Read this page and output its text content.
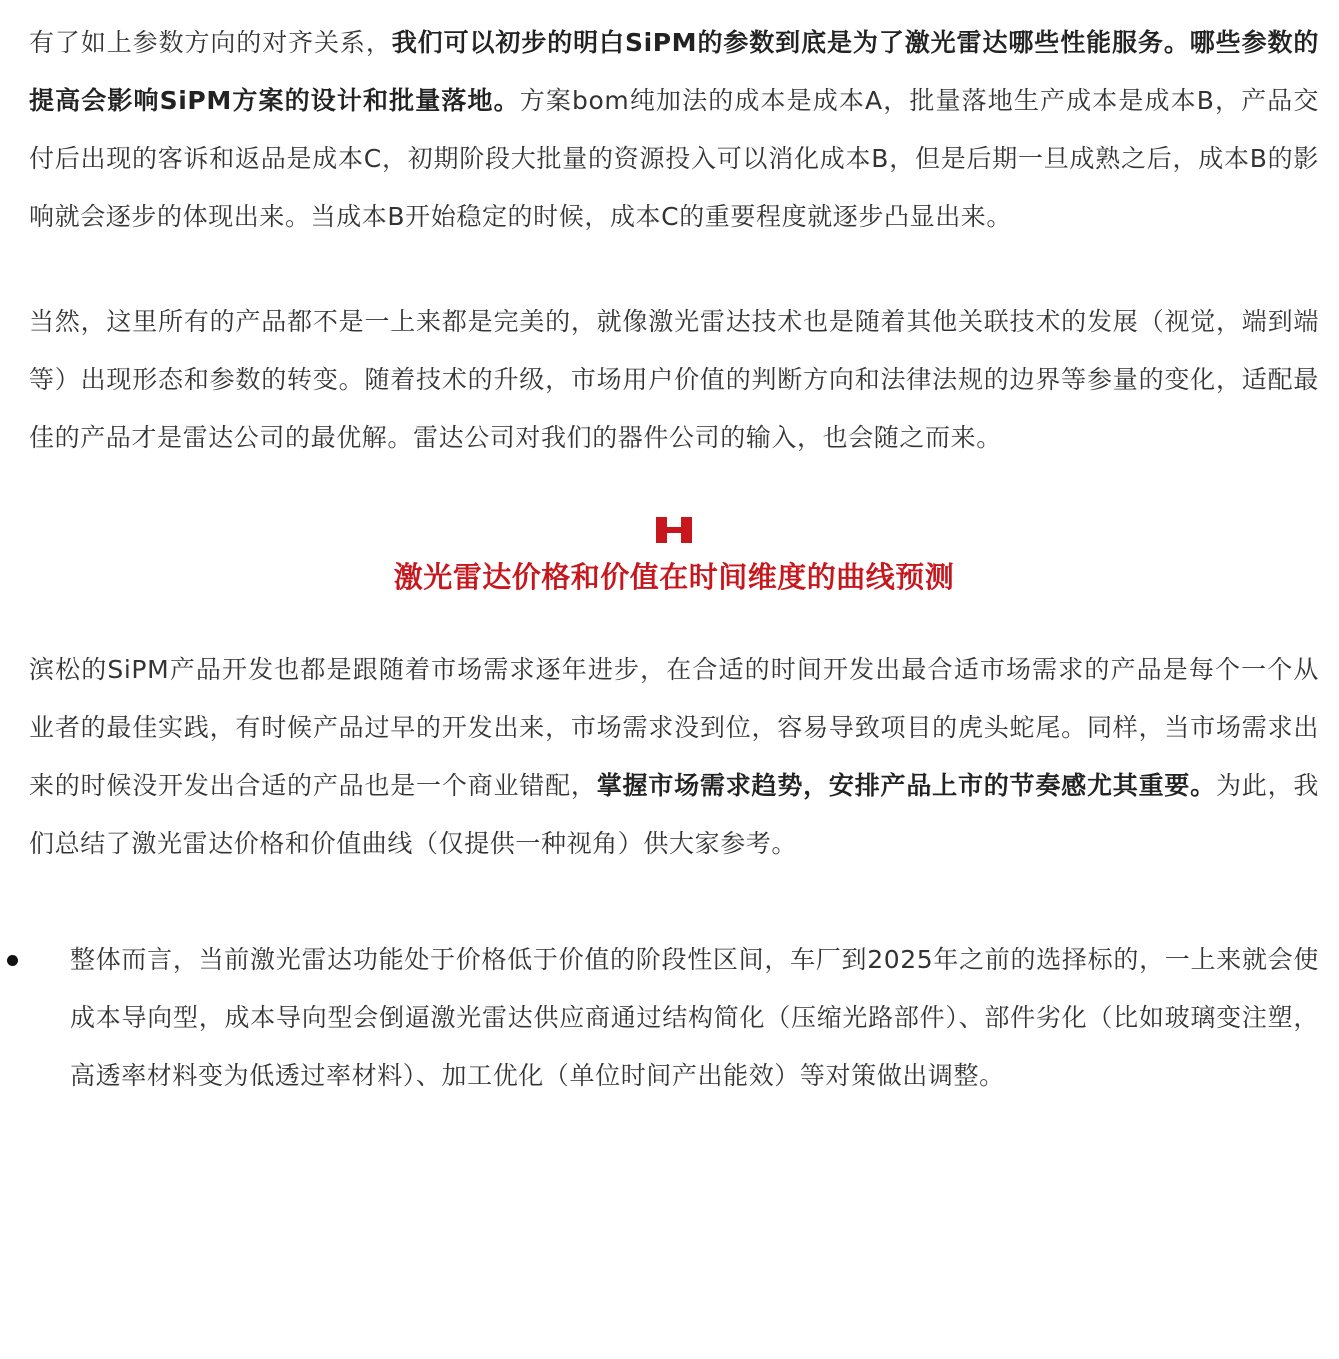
有了如上参数方向的对齐关系，我们可以初步的明白SiPM的参数到底是为了激光雷达哪些性能服务。哪些参数的提高会影响SiPM方案的设计和批量落地。方案bom纯加法的成本是成本A，批量落地生产成本是成本B，产品交付后出现的客诉和返品是成本C，初期阶段大批量的资源投入可以消化成本B，但是后期一旦成熟之后，成本B的影响就会逐步的体现出来。当成本B开始稳定的时候，成本C的重要程度就逐步凸显出来。

当然，这里所有的产品都不是一上来都是完美的，就像激光雷达技术也是随着其他关联技术的发展（视觉，端到端等）出现形态和参数的转变。随着技术的升级，市场用户价值的判断方向和法律法规的边界等参量的变化，适配最佳的产品才是雷达公司的最优解。雷达公司对我们的器件公司的输入，也会随之而来。

激光雷达价格和价值在时间维度的曲线预测

滨松的SiPM产品开发也都是跟随着市场需求逐年进步，在合适的时间开发出最合适市场需求的产品是每个一个从业者的最佳实践，有时候产品过早的开发出来，市场需求没到位，容易导致项目的虎头蛇尾。同样，当市场需求出来的时候没开发出合适的产品也是一个商业错配，掌握市场需求趋势，安排产品上市的节奏感尤其重要。为此，我们总结了激光雷达价格和价值曲线（仅提供一种视角）供大家参考。

整体而言，当前激光雷达功能处于价格低于价值的阶段性区间，车厂到2025年之前的选择标的，一上来就会使成本导向型，成本导向型会倒逼激光雷达供应商通过结构简化（压缩光路部件）、部件劣化（比如玻璃变注塑，高透率材料变为低透过率材料）、加工优化（单位时间产出能效）等对策做出调整。
